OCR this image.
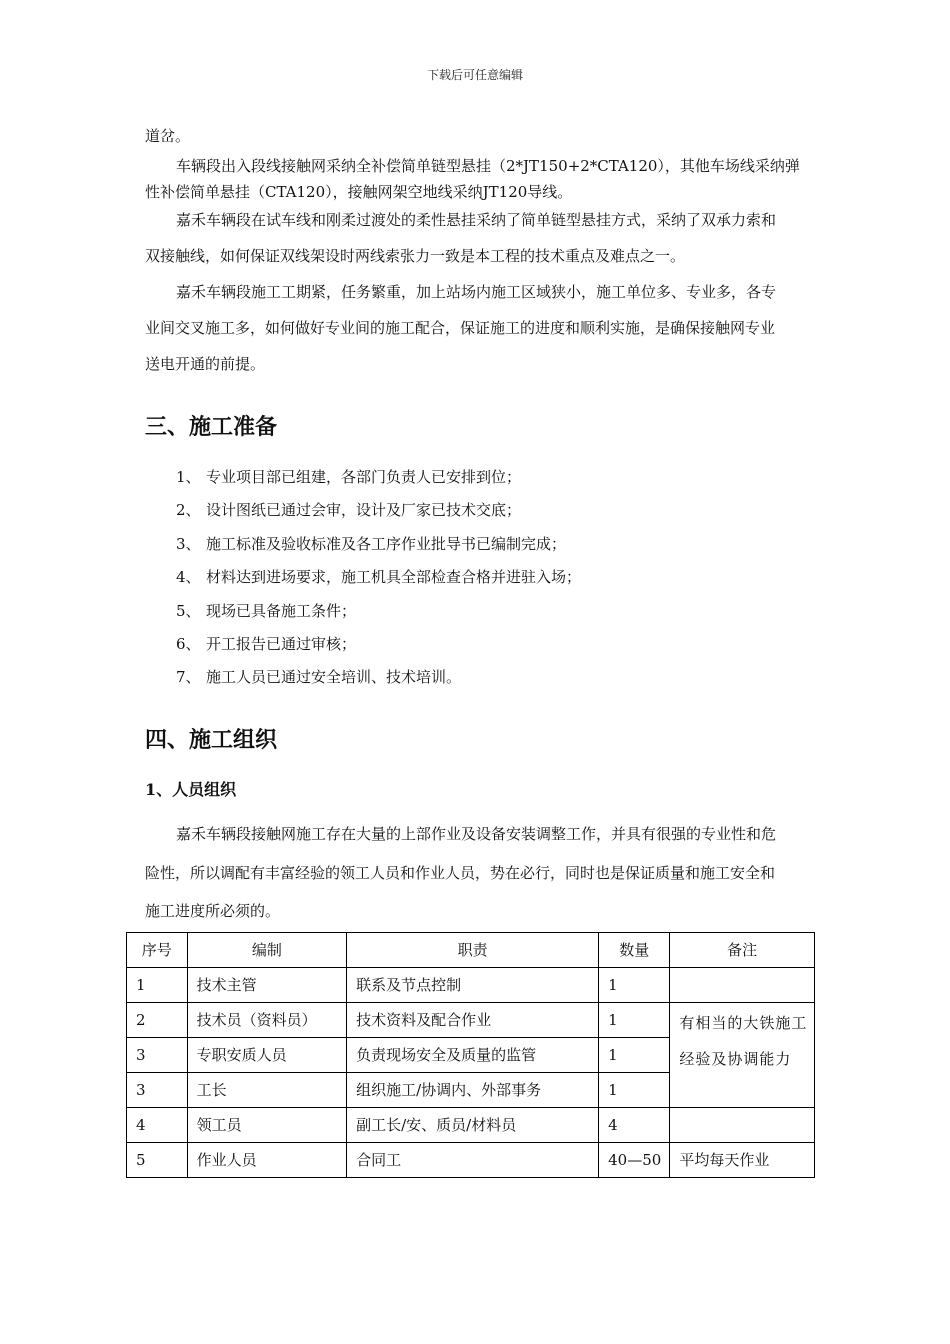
下载后可任意编辑
道岔。
车辆段出入段线接触网采纳全补偿简单链型悬挂（2*JT150+2*CTA120），其他车场线采纳弹
性补偿简单悬挂（CTA120），接触网架空地线采纳JT120导线。
嘉禾车辆段在试车线和刚柔过渡处的柔性悬挂采纳了简单链型悬挂方式，采纳了双承力索和
双接触线，如何保证双线架设时两线索张力一致是本工程的技术重点及难点之一。
嘉禾车辆段施工工期紧，任务繁重，加上站场内施工区域狭小，施工单位多、专业多，各专
业间交叉施工多，如何做好专业间的施工配合，保证施工的进度和顺利实施，是确保接触网专业
送电开通的前提。
三、施工准备
1、 专业项目部已组建，各部门负责人已安排到位；
2、 设计图纸已通过会审，设计及厂家已技术交底；
3、 施工标准及验收标准及各工序作业批导书已编制完成；
4、 材料达到进场要求，施工机具全部检查合格并进驻入场；
5、 现场已具备施工条件；
6、 开工报告已通过审核；
7、 施工人员已通过安全培训、技术培训。
四、施工组织
1、人员组织
嘉禾车辆段接触网施工存在大量的上部作业及设备安装调整工作，并具有很强的专业性和危
险性，所以调配有丰富经验的领工人员和作业人员，势在必行，同时也是保证质量和施工安全和
施工进度所必须的。
序号	编制	职责	数量	备注
1	技术主管	联系及节点控制	1	
2	技术员（资料员）	技术资料及配合作业	1	有相当的大铁施工经验及协调能力
3	专职安质人员	负责现场安全及质量的监管	1	
3	工长	组织施工/协调内、外部事务	1	
4	领工员	副工长/安、质员/材料员	4	
5	作业人员	合同工	40—50	平均每天作业
